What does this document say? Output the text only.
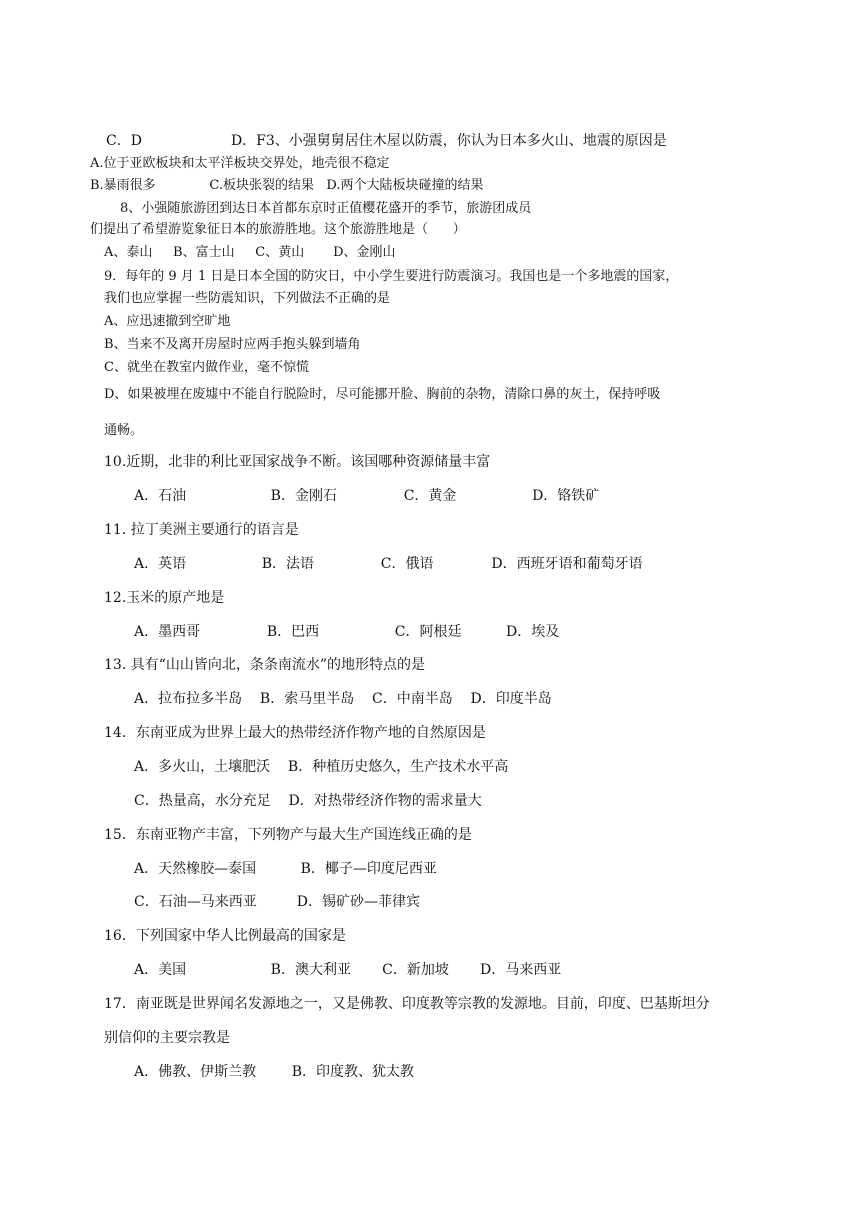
C．D                    D．F3、小强舅舅居住木屋以防震，你认为日本多火山、地震的原因是
A.位于亚欧板块和太平洋板块交界处，地壳很不稳定
B.暴雨很多             C.板块张裂的结果   D.两个大陆板块碰撞的结果
8、小强随旅游团到达日本首都东京时正值樱花盛开的季节，旅游团成员
们提出了希望游览象征日本的旅游胜地。这个旅游胜地是（      ）
A、泰山     B、富士山     C、黄山       D、金刚山
9．每年的 9 月 1 日是日本全国的防灾日，中小学生要进行防震演习。我国也是一个多地震的国家，
我们也应掌握一些防震知识，下列做法不正确的是
A、应迅速撤到空旷地
B、当来不及离开房屋时应两手抱头躲到墙角
C、就坐在教室内做作业，毫不惊慌
D、如果被埋在废墟中不能自行脱险时，尽可能挪开脸、胸前的杂物，清除口鼻的灰土，保持呼吸
通畅。
10.近期，北非的利比亚国家战争不断。该国哪种资源储量丰富
A．石油                   B．金刚石               C．黄金                 D．铬铁矿
11. 拉丁美洲主要通行的语言是
A．英语                 B．法语               C．俄语             D．西班牙语和葡萄牙语
12.玉米的原产地是
A．墨西哥               B．巴西                 C．阿根廷          D．埃及
13. 具有“山山皆向北，条条南流水”的地形特点的是
A．拉布拉多半岛    B．索马里半岛    C．中南半岛    D．印度半岛
14．东南亚成为世界上最大的热带经济作物产地的自然原因是
A．多火山，土壤肥沃    B．种植历史悠久，生产技术水平高
C．热量高，水分充足    D．对热带经济作物的需求量大
15．东南亚物产丰富，下列物产与最大生产国连线正确的是
A．天然橡胶—泰国          B．椰子—印度尼西亚
C．石油—马来西亚         D．锡矿砂—菲律宾
16．下列国家中华人比例最高的国家是
A．美国                   B．澳大利亚       C．新加坡       D．马来西亚
17．南亚既是世界闻名发源地之一，又是佛教、印度教等宗教的发源地。目前，印度、巴基斯坦分
别信仰的主要宗教是
A．佛教、伊斯兰教        B．印度教、犹太教
